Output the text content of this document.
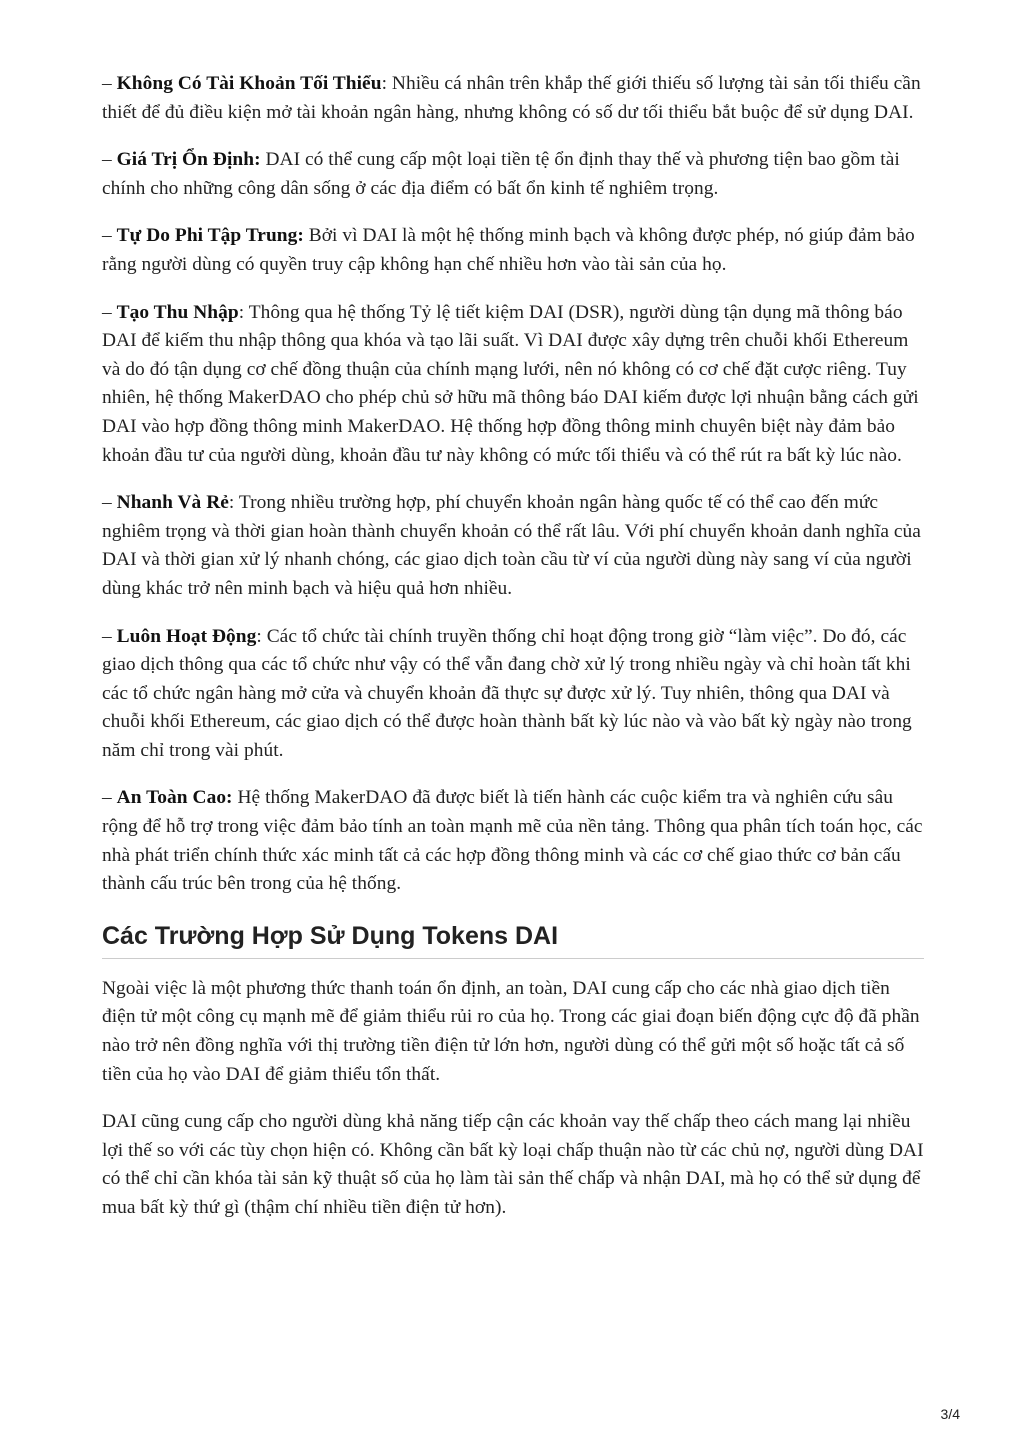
– Không Có Tài Khoản Tối Thiểu: Nhiều cá nhân trên khắp thế giới thiếu số lượng tài sản tối thiểu cần thiết để đủ điều kiện mở tài khoản ngân hàng, nhưng không có số dư tối thiểu bắt buộc để sử dụng DAI.

– Giá Trị Ổn Định: DAI có thể cung cấp một loại tiền tệ ổn định thay thế và phương tiện bao gồm tài chính cho những công dân sống ở các địa điểm có bất ổn kinh tế nghiêm trọng.

– Tự Do Phi Tập Trung: Bởi vì DAI là một hệ thống minh bạch và không được phép, nó giúp đảm bảo rằng người dùng có quyền truy cập không hạn chế nhiều hơn vào tài sản của họ.

– Tạo Thu Nhập: Thông qua hệ thống Tỷ lệ tiết kiệm DAI (DSR), người dùng tận dụng mã thông báo DAI để kiếm thu nhập thông qua khóa và tạo lãi suất. Vì DAI được xây dựng trên chuỗi khối Ethereum và do đó tận dụng cơ chế đồng thuận của chính mạng lưới, nên nó không có cơ chế đặt cược riêng. Tuy nhiên, hệ thống MakerDAO cho phép chủ sở hữu mã thông báo DAI kiếm được lợi nhuận bằng cách gửi DAI vào hợp đồng thông minh MakerDAO. Hệ thống hợp đồng thông minh chuyên biệt này đảm bảo khoản đầu tư của người dùng, khoản đầu tư này không có mức tối thiểu và có thể rút ra bất kỳ lúc nào.

– Nhanh Và Rẻ: Trong nhiều trường hợp, phí chuyển khoản ngân hàng quốc tế có thể cao đến mức nghiêm trọng và thời gian hoàn thành chuyển khoản có thể rất lâu. Với phí chuyển khoản danh nghĩa của DAI và thời gian xử lý nhanh chóng, các giao dịch toàn cầu từ ví của người dùng này sang ví của người dùng khác trở nên minh bạch và hiệu quả hơn nhiều.

– Luôn Hoạt Động: Các tổ chức tài chính truyền thống chỉ hoạt động trong giờ “làm việc”. Do đó, các giao dịch thông qua các tổ chức như vậy có thể vẫn đang chờ xử lý trong nhiều ngày và chỉ hoàn tất khi các tổ chức ngân hàng mở cửa và chuyển khoản đã thực sự được xử lý. Tuy nhiên, thông qua DAI và chuỗi khối Ethereum, các giao dịch có thể được hoàn thành bất kỳ lúc nào và vào bất kỳ ngày nào trong năm chỉ trong vài phút.

– An Toàn Cao: Hệ thống MakerDAO đã được biết là tiến hành các cuộc kiểm tra và nghiên cứu sâu rộng để hỗ trợ trong việc đảm bảo tính an toàn mạnh mẽ của nền tảng. Thông qua phân tích toán học, các nhà phát triển chính thức xác minh tất cả các hợp đồng thông minh và các cơ chế giao thức cơ bản cấu thành cấu trúc bên trong của hệ thống.

Các Trường Hợp Sử Dụng Tokens DAI

Ngoài việc là một phương thức thanh toán ổn định, an toàn, DAI cung cấp cho các nhà giao dịch tiền điện tử một công cụ mạnh mẽ để giảm thiểu rủi ro của họ. Trong các giai đoạn biến động cực độ đã phần nào trở nên đồng nghĩa với thị trường tiền điện tử lớn hơn, người dùng có thể gửi một số hoặc tất cả số tiền của họ vào DAI để giảm thiểu tổn thất.

DAI cũng cung cấp cho người dùng khả năng tiếp cận các khoản vay thế chấp theo cách mang lại nhiều lợi thế so với các tùy chọn hiện có. Không cần bất kỳ loại chấp thuận nào từ các chủ nợ, người dùng DAI có thể chỉ cần khóa tài sản kỹ thuật số của họ làm tài sản thế chấp và nhận DAI, mà họ có thể sử dụng để mua bất kỳ thứ gì (thậm chí nhiều tiền điện tử hơn).

3/4
